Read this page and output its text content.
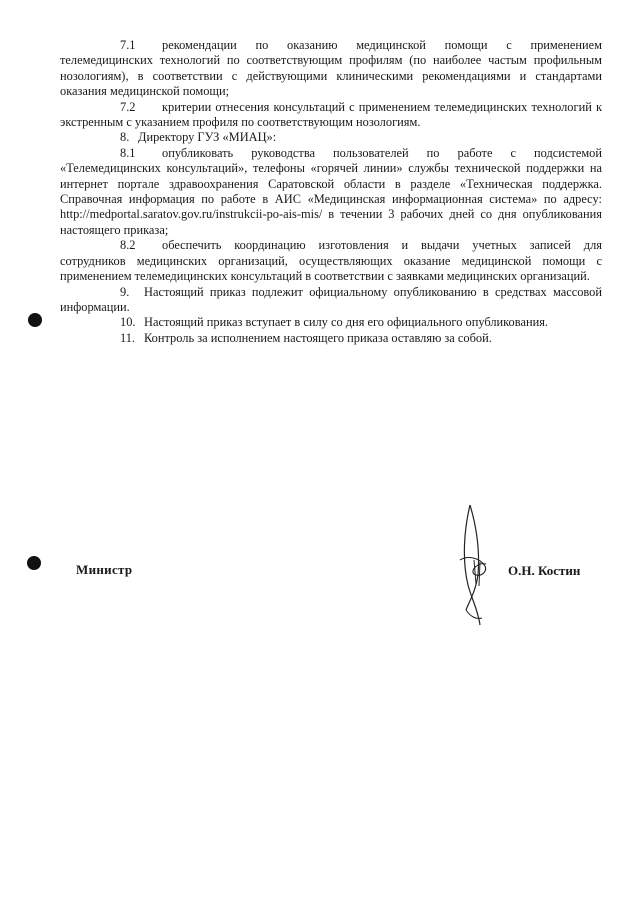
7.1 рекомендации по оказанию медицинской помощи с применением телемедицинских технологий по соответствующим профилям (по наиболее частым профильным нозологиям), в соответствии с действующими клиническими рекомендациями и стандартами оказания медицинской помощи;

7.2 критерии отнесения консультаций с применением телемедицинских технологий к экстренным с указанием профиля по соответствующим нозологиям.

8. Директору ГУЗ «МИАЦ»:

8.1 опубликовать руководства пользователей по работе с подсистемой «Телемедицинских консультаций», телефоны «горячей линии» службы технической поддержки на интернет портале здравоохранения Саратовской области в разделе «Техническая поддержка. Справочная информация по работе в АИС «Медицинская информационная система» по адресу: http://medportal.saratov.gov.ru/instrukcii-po-ais-mis/ в течении 3 рабочих дней со дня опубликования настоящего приказа;

8.2 обеспечить координацию изготовления и выдачи учетных записей для сотрудников медицинских организаций, осуществляющих оказание медицинской помощи с применением телемедицинских консультаций в соответствии с заявками медицинских организаций.

9. Настоящий приказ подлежит официальному опубликованию в средствах массовой информации.

10. Настоящий приказ вступает в силу со дня его официального опубликования.

11. Контроль за исполнением настоящего приказа оставляю за собой.

Министр	О.Н. Костин
